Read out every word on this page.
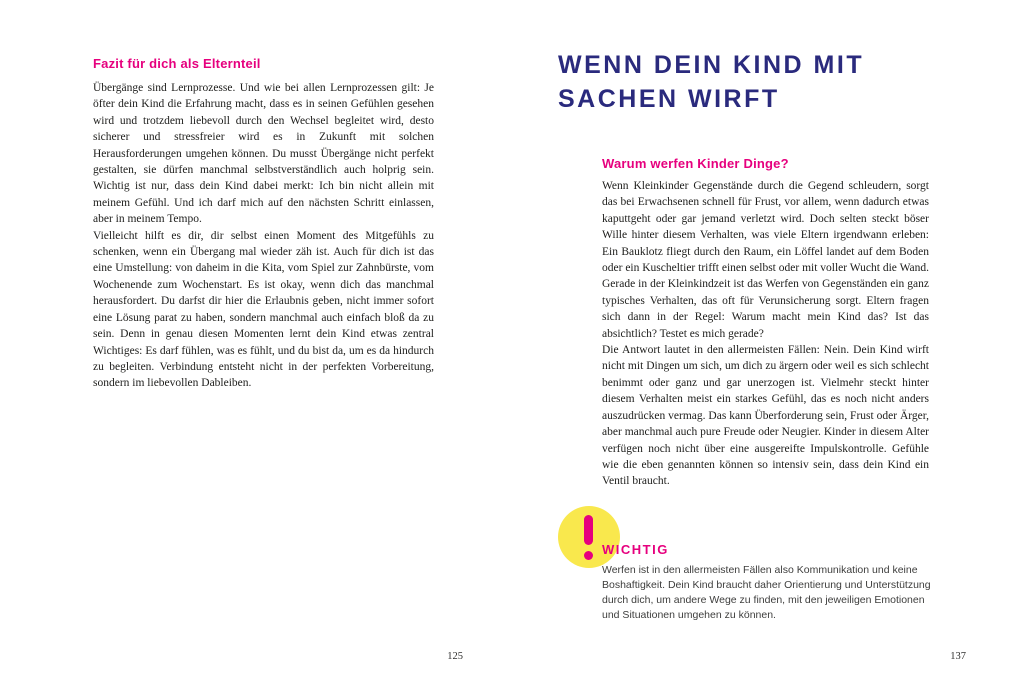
Fazit für dich als Elternteil

Übergänge sind Lernprozesse. Und wie bei allen Lernprozessen gilt: Je öfter dein Kind die Erfahrung macht, dass es in seinen Gefühlen gesehen wird und trotzdem liebevoll durch den Wechsel begleitet wird, desto sicherer und stressfreier wird es in Zukunft mit solchen Herausforderungen umgehen können. Du musst Übergänge nicht perfekt gestalten, sie dürfen manchmal selbstverständlich auch holprig sein. Wichtig ist nur, dass dein Kind dabei merkt: Ich bin nicht allein mit meinem Gefühl. Und ich darf mich auf den nächsten Schritt einlassen, aber in meinem Tempo.

Vielleicht hilft es dir, dir selbst einen Moment des Mitgefühls zu schenken, wenn ein Übergang mal wieder zäh ist. Auch für dich ist das eine Umstellung: von daheim in die Kita, vom Spiel zur Zahnbürste, vom Wochenende zum Wochenstart. Es ist okay, wenn dich das manchmal herausfordert. Du darfst dir hier die Erlaubnis geben, nicht immer sofort eine Lösung parat zu haben, sondern manchmal auch einfach bloß da zu sein. Denn in genau diesen Momenten lernt dein Kind etwas zentral Wichtiges: Es darf fühlen, was es fühlt, und du bist da, um es da hindurch zu begleiten. Verbindung entsteht nicht in der perfekten Vorbereitung, sondern im liebevollen Dableiben.

WENN DEIN KIND MIT
SACHEN WIRFT
Warum werfen Kinder Dinge?

Wenn Kleinkinder Gegenstände durch die Gegend schleudern, sorgt das bei Erwachsenen schnell für Frust, vor allem, wenn dadurch etwas kaputtgeht oder gar jemand verletzt wird. Doch selten steckt böser Wille hinter diesem Verhalten, was viele Eltern irgendwann erleben: Ein Bauklotz fliegt durch den Raum, ein Löffel landet auf dem Boden oder ein Kuscheltier trifft einen selbst oder mit voller Wucht die Wand. Gerade in der Kleinkindzeit ist das Werfen von Gegenständen ein ganz typisches Verhalten, das oft für Verunsicherung sorgt. Eltern fragen sich dann in der Regel: Warum macht mein Kind das? Ist das absichtlich? Testet es mich gerade?

Die Antwort lautet in den allermeisten Fällen: Nein. Dein Kind wirft nicht mit Dingen um sich, um dich zu ärgern oder weil es sich schlecht benimmt oder ganz und gar unerzogen ist. Vielmehr steckt hinter diesem Verhalten meist ein starkes Gefühl, das es noch nicht anders auszudrücken vermag. Das kann Überforderung sein, Frust oder Ärger, aber manchmal auch pure Freude oder Neugier. Kinder in diesem Alter verfügen noch nicht über eine ausgereifte Impulskontrolle. Gefühle wie die eben genannten können so intensiv sein, dass dein Kind ein Ventil braucht.

WICHTIG
Werfen ist in den allermeisten Fällen also Kommunikation und keine Boshaftigkeit. Dein Kind braucht daher Orientierung und Unterstützung durch dich, um andere Wege zu finden, mit den jeweiligen Emotionen und Situationen umgehen zu können.
125	137
